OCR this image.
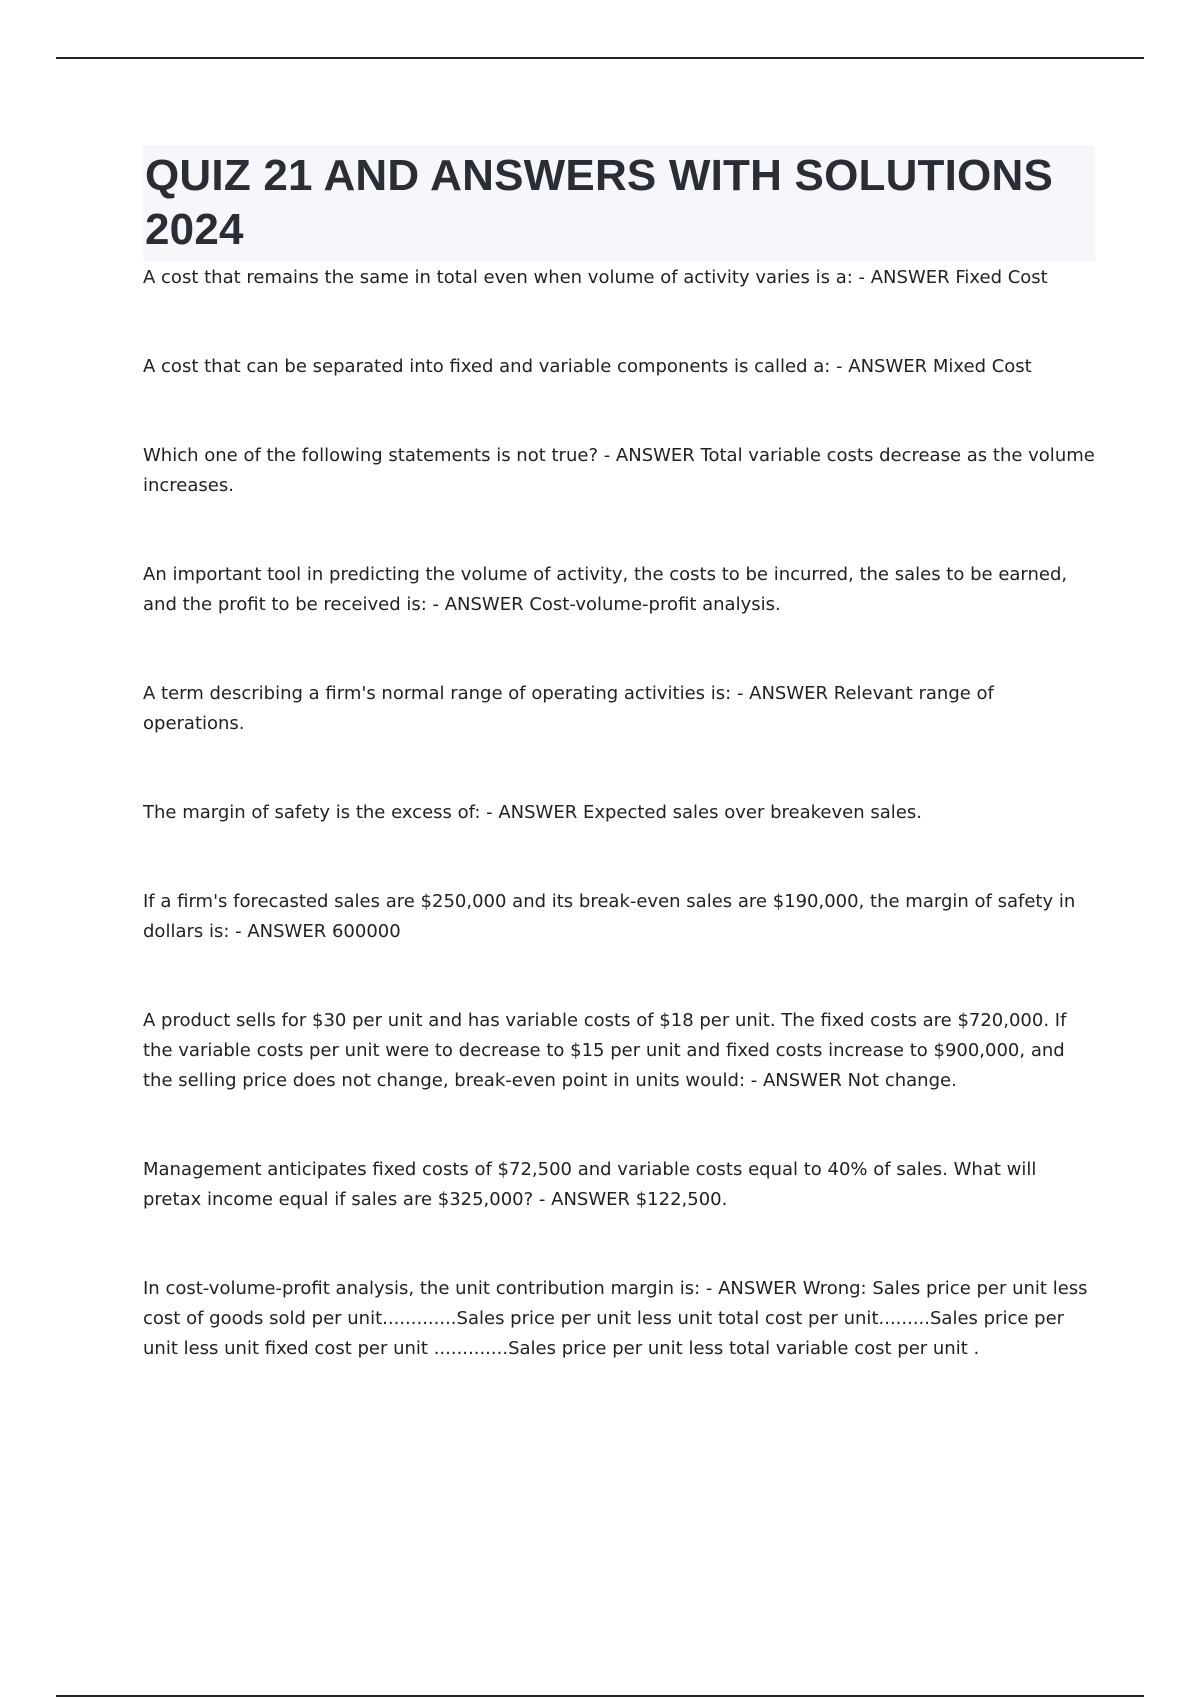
QUIZ 21 AND ANSWERS WITH SOLUTIONS 2024

A cost that remains the same in total even when volume of activity varies is a: - ANSWER Fixed Cost

A cost that can be separated into fixed and variable components is called a: - ANSWER Mixed Cost

Which one of the following statements is not true? - ANSWER Total variable costs decrease as the volume increases.

An important tool in predicting the volume of activity, the costs to be incurred, the sales to be earned, and the profit to be received is: - ANSWER Cost-volume-profit analysis.

A term describing a firm's normal range of operating activities is: - ANSWER Relevant range of operations.

The margin of safety is the excess of: - ANSWER Expected sales over breakeven sales.

If a firm's forecasted sales are $250,000 and its break-even sales are $190,000, the margin of safety in dollars is: - ANSWER 600000

A product sells for $30 per unit and has variable costs of $18 per unit. The fixed costs are $720,000. If the variable costs per unit were to decrease to $15 per unit and fixed costs increase to $900,000, and the selling price does not change, break-even point in units would: - ANSWER Not change.

Management anticipates fixed costs of $72,500 and variable costs equal to 40% of sales. What will pretax income equal if sales are $325,000? - ANSWER $122,500.

In cost-volume-profit analysis, the unit contribution margin is: - ANSWER Wrong: Sales price per unit less cost of goods sold per unit.............Sales price per unit less unit total cost per unit.........Sales price per unit less unit fixed cost per unit .............Sales price per unit less total variable cost per unit .
